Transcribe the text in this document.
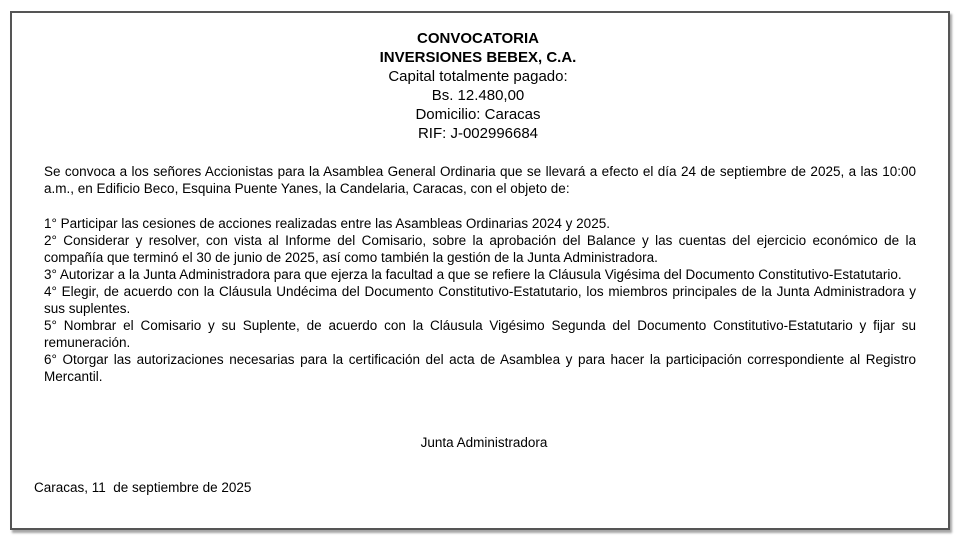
CONVOCATORIA
INVERSIONES BEBEX, C.A.
Capital totalmente pagado:
Bs. 12.480,00
Domicilio: Caracas
RIF: J-002996684

Se convoca a los señores Accionistas para la Asamblea General Ordinaria que se llevará a efecto el día 24 de septiembre de 2025, a las 10:00 a.m., en Edificio Beco, Esquina Puente Yanes, la Candelaria, Caracas, con el objeto de:

1° Participar las cesiones de acciones realizadas entre las Asambleas Ordinarias 2024 y 2025.

2° Considerar y resolver, con vista al Informe del Comisario, sobre la aprobación del Balance y las cuentas del ejercicio económico de la compañía que terminó el 30 de junio de 2025, así como también la gestión de la Junta Administradora.

3° Autorizar a la Junta Administradora para que ejerza la facultad a que se refiere la Cláusula Vigésima del Documento Constitutivo-Estatutario.

4° Elegir, de acuerdo con la Cláusula Undécima del Documento Constitutivo-Estatutario, los miembros principales de la Junta Administradora y sus suplentes.

5° Nombrar el Comisario y su Suplente, de acuerdo con la Cláusula Vigésimo Segunda del Documento Constitutivo-Estatutario y fijar su remuneración.

6° Otorgar las autorizaciones necesarias para la certificación del acta de Asamblea y para hacer la participación correspondiente al Registro Mercantil.

Junta Administradora
Caracas, 11  de septiembre de 2025
